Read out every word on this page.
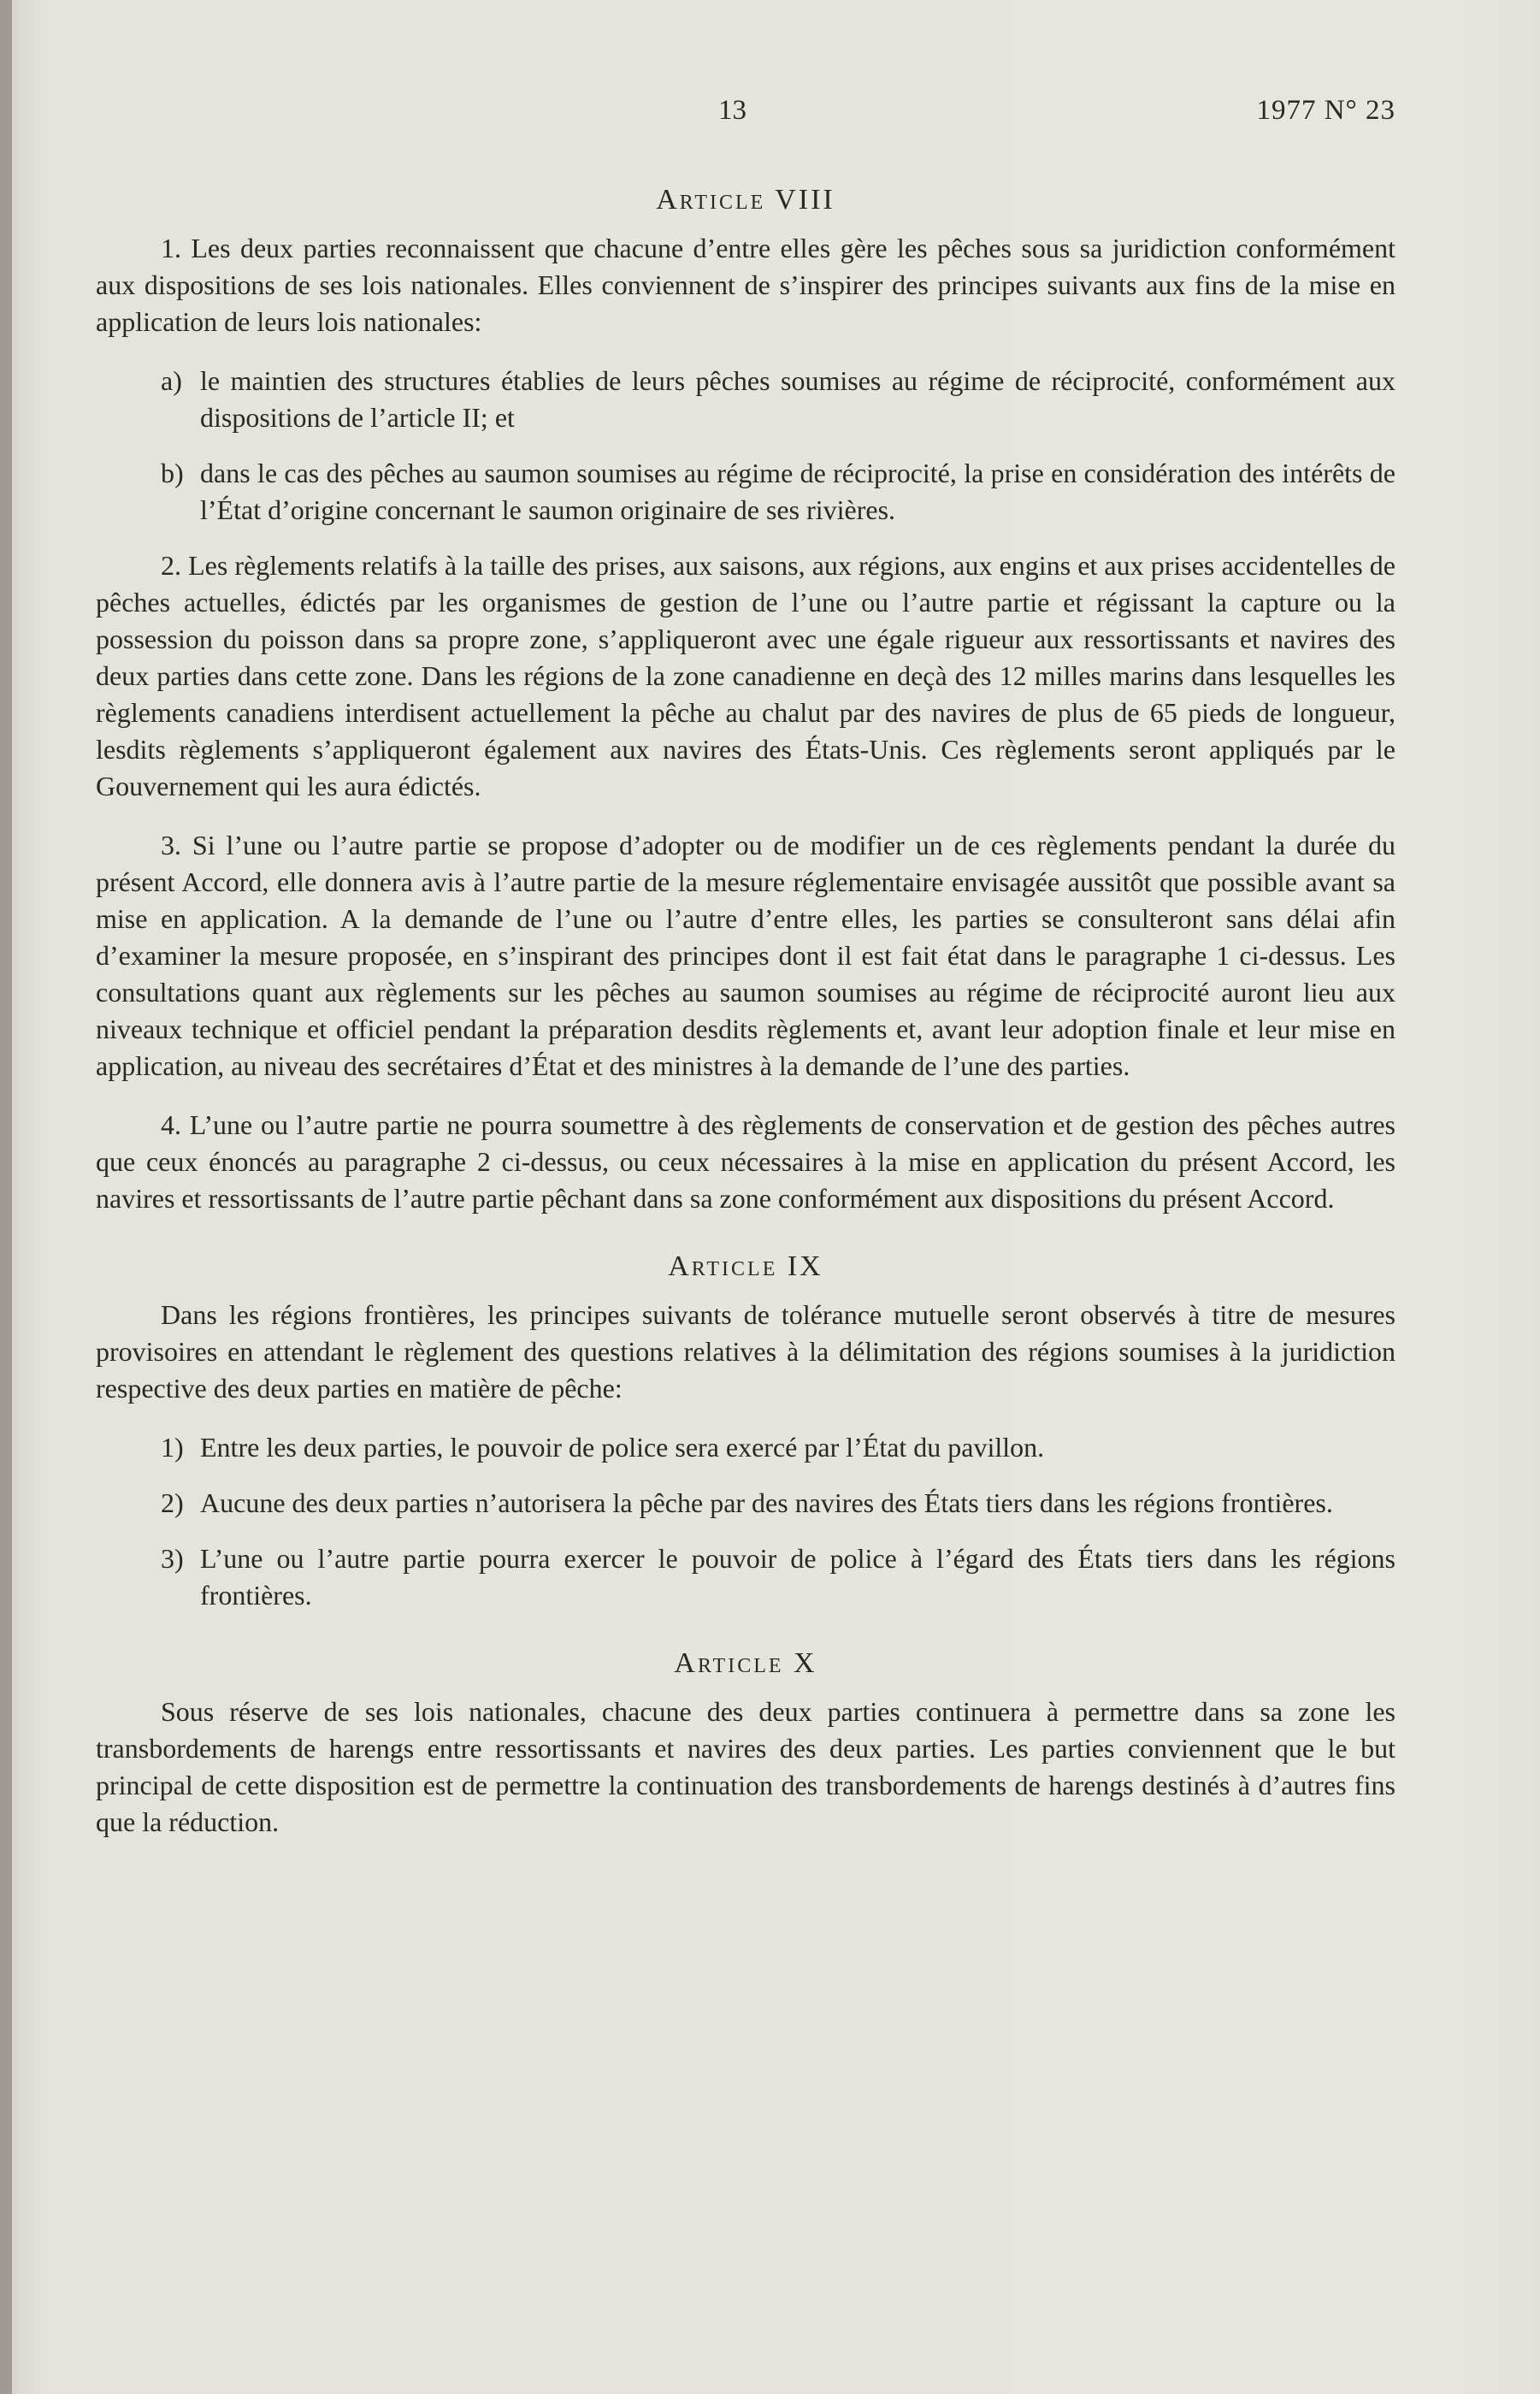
13	1977 N° 23
Article VIII

1. Les deux parties reconnaissent que chacune d’entre elles gère les pêches sous sa juridiction conformément aux dispositions de ses lois nationales. Elles conviennent de s’inspirer des principes suivants aux fins de la mise en application de leurs lois nationales:

a) le maintien des structures établies de leurs pêches soumises au régime de réciprocité, conformément aux dispositions de l’article II; et
b) dans le cas des pêches au saumon soumises au régime de réciprocité, la prise en considération des intérêts de l’État d’origine concernant le saumon originaire de ses rivières.

2. Les règlements relatifs à la taille des prises, aux saisons, aux régions, aux engins et aux prises accidentelles de pêches actuelles, édictés par les organismes de gestion de l’une ou l’autre partie et régissant la capture ou la possession du poisson dans sa propre zone, s’appliqueront avec une égale rigueur aux ressortissants et navires des deux parties dans cette zone. Dans les régions de la zone canadienne en deçà des 12 milles marins dans lesquelles les règlements canadiens interdisent actuellement la pêche au chalut par des navires de plus de 65 pieds de longueur, lesdits règlements s’appliqueront également aux navires des États-Unis. Ces règlements seront appliqués par le Gouvernement qui les aura édictés.

3. Si l’une ou l’autre partie se propose d’adopter ou de modifier un de ces règlements pendant la durée du présent Accord, elle donnera avis à l’autre partie de la mesure réglementaire envisagée aussitôt que possible avant sa mise en application. A la demande de l’une ou l’autre d’entre elles, les parties se consulteront sans délai afin d’examiner la mesure proposée, en s’inspirant des principes dont il est fait état dans le paragraphe 1 ci-dessus. Les consultations quant aux règlements sur les pêches au saumon soumises au régime de réciprocité auront lieu aux niveaux technique et officiel pendant la préparation desdits règlements et, avant leur adoption finale et leur mise en application, au niveau des secrétaires d’État et des ministres à la demande de l’une des parties.

4. L’une ou l’autre partie ne pourra soumettre à des règlements de conservation et de gestion des pêches autres que ceux énoncés au paragraphe 2 ci-dessus, ou ceux nécessaires à la mise en application du présent Accord, les navires et ressortissants de l’autre partie pêchant dans sa zone conformément aux dispositions du présent Accord.

Article IX

Dans les régions frontières, les principes suivants de tolérance mutuelle seront observés à titre de mesures provisoires en attendant le règlement des questions relatives à la délimitation des régions soumises à la juridiction respective des deux parties en matière de pêche:

1) Entre les deux parties, le pouvoir de police sera exercé par l’État du pavillon.
2) Aucune des deux parties n’autorisera la pêche par des navires des États tiers dans les régions frontières.
3) L’une ou l’autre partie pourra exercer le pouvoir de police à l’égard des États tiers dans les régions frontières.
Article X

Sous réserve de ses lois nationales, chacune des deux parties continuera à permettre dans sa zone les transbordements de harengs entre ressortissants et navires des deux parties. Les parties conviennent que le but principal de cette disposition est de permettre la continuation des transbordements de harengs destinés à d’autres fins que la réduction.
